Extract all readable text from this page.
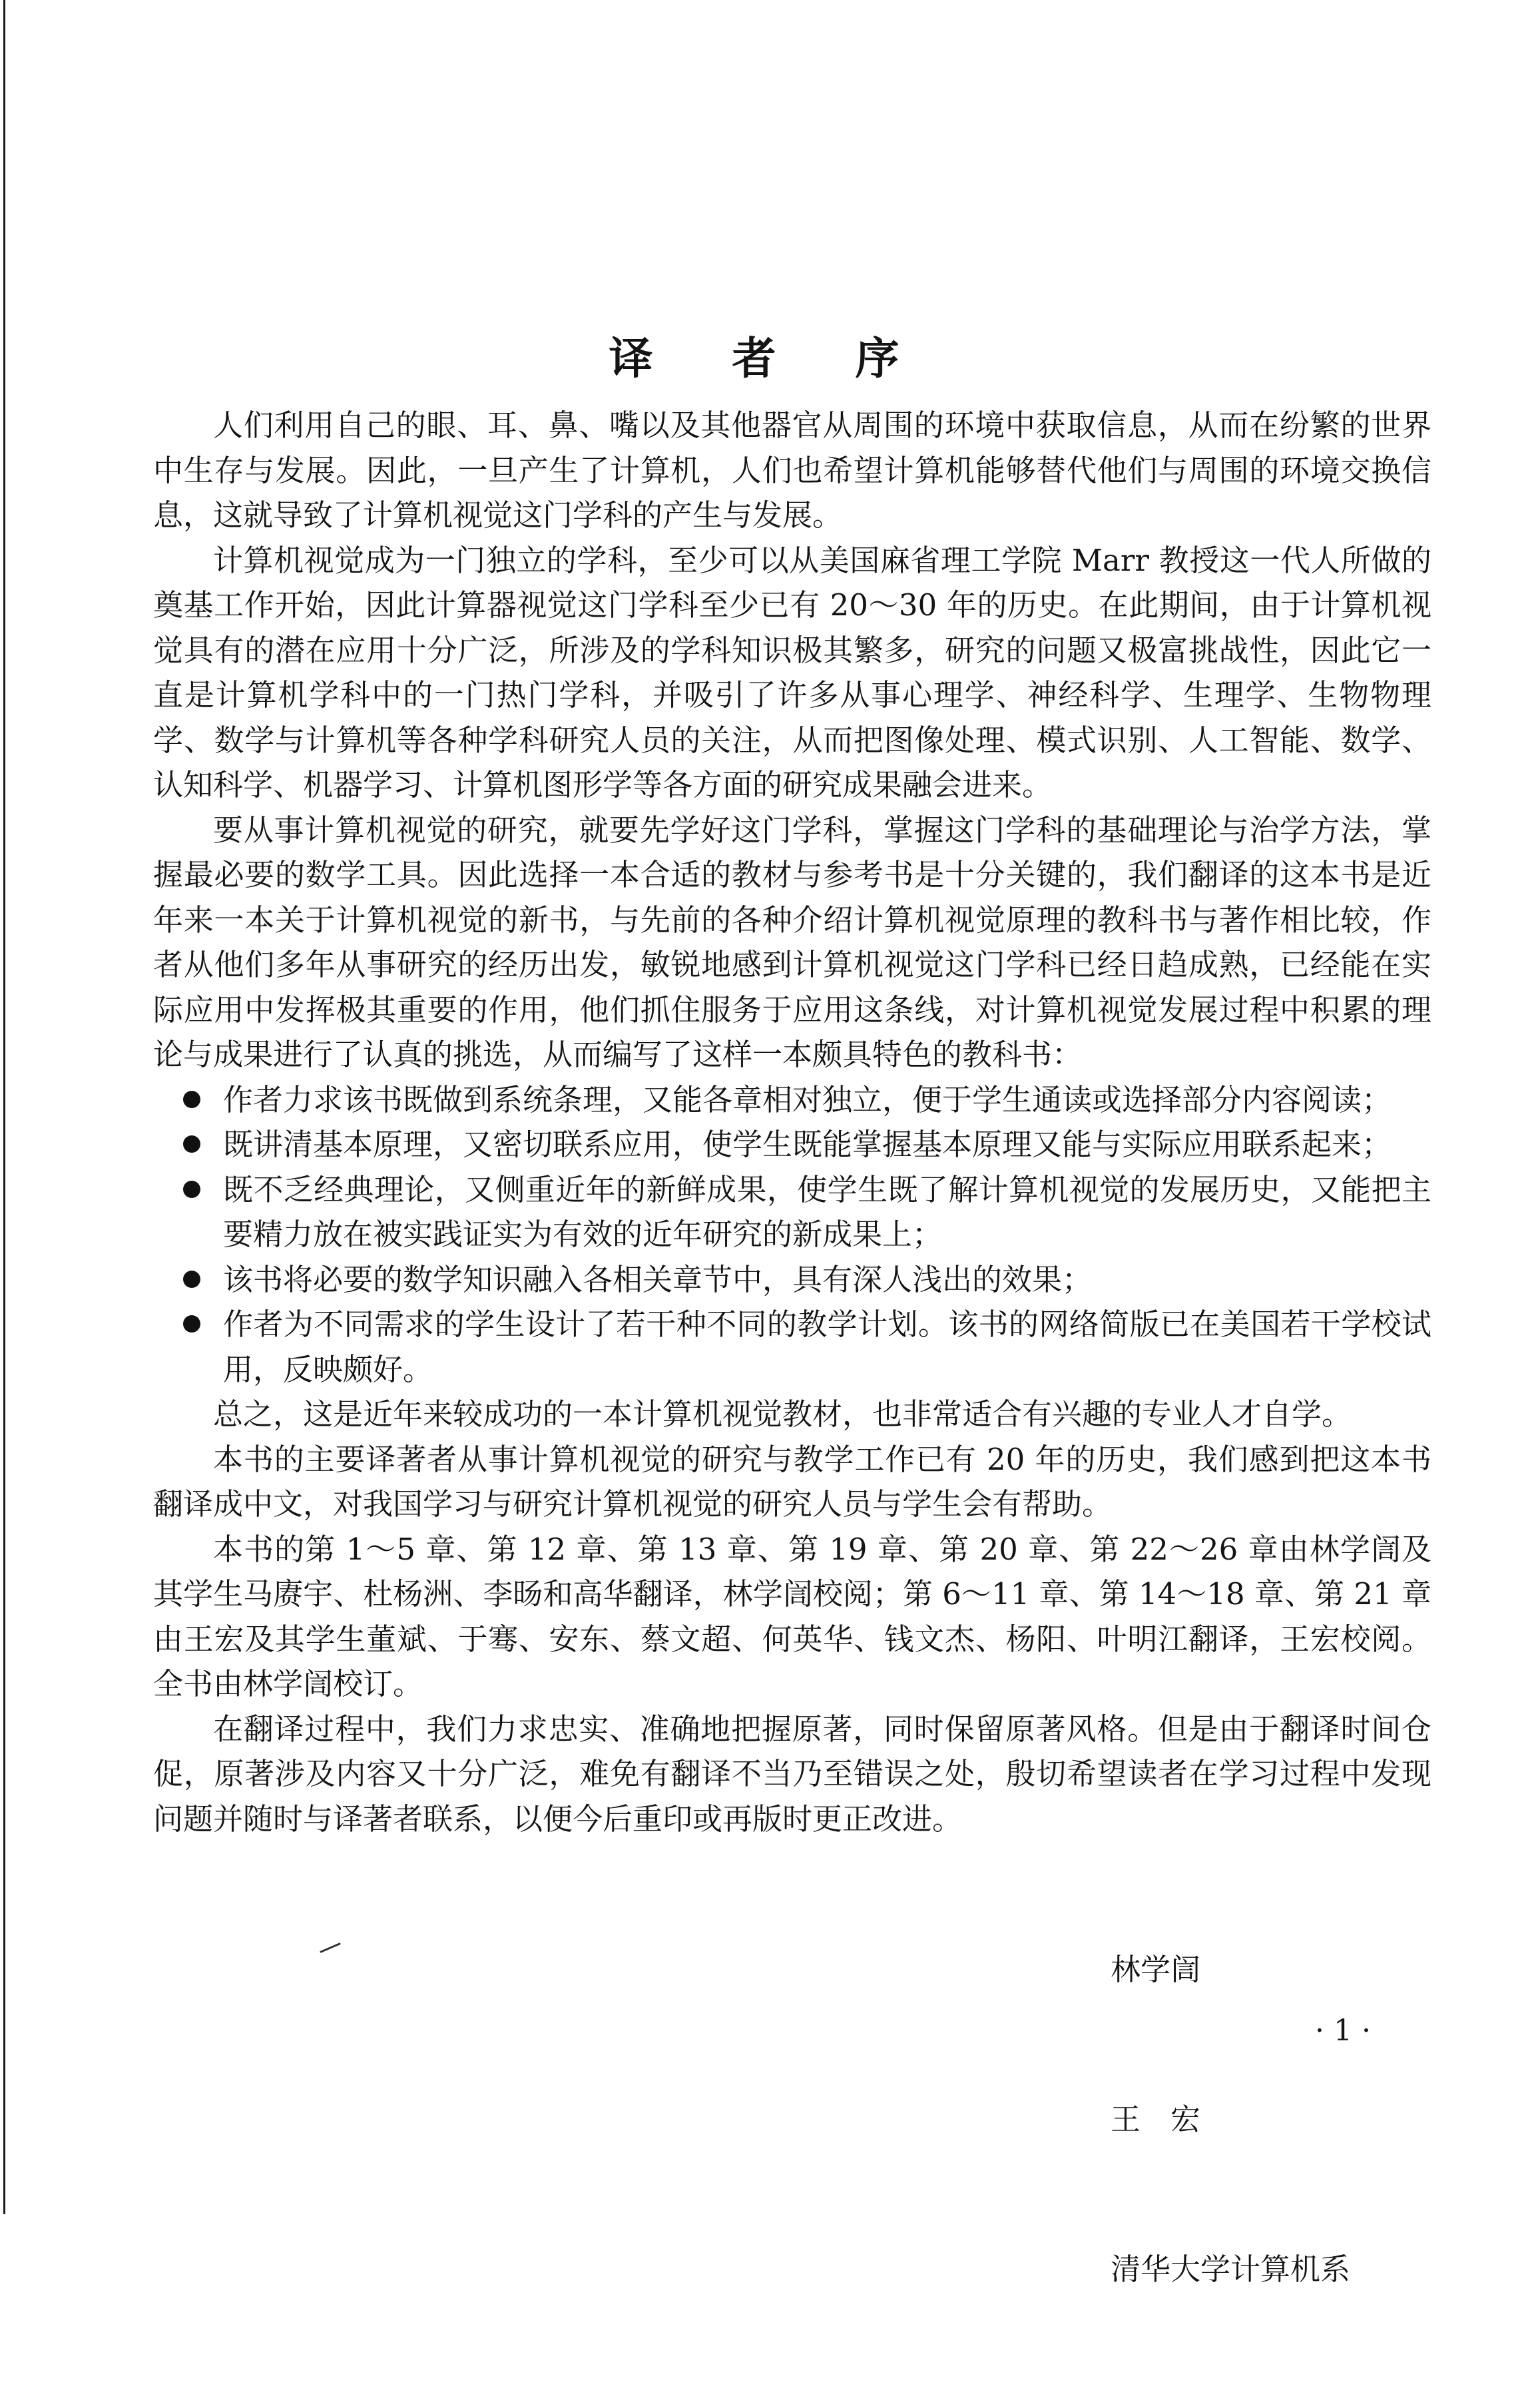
译 者 序

人们利用自己的眼、耳、鼻、嘴以及其他器官从周围的环境中获取信息，从而在纷繁的世界中生存与发展。因此，一旦产生了计算机，人们也希望计算机能够替代他们与周围的环境交换信息，这就导致了计算机视觉这门学科的产生与发展。

计算机视觉成为一门独立的学科，至少可以从美国麻省理工学院 Marr 教授这一代人所做的奠基工作开始，因此计算器视觉这门学科至少已有 20～30 年的历史。在此期间，由于计算机视觉具有的潜在应用十分广泛，所涉及的学科知识极其繁多，研究的问题又极富挑战性，因此它一直是计算机学科中的一门热门学科，并吸引了许多从事心理学、神经科学、生理学、生物物理学、数学与计算机等各种学科研究人员的关注，从而把图像处理、模式识别、人工智能、数学、认知科学、机器学习、计算机图形学等各方面的研究成果融会进来。

要从事计算机视觉的研究，就要先学好这门学科，掌握这门学科的基础理论与治学方法，掌握最必要的数学工具。因此选择一本合适的教材与参考书是十分关键的，我们翻译的这本书是近年来一本关于计算机视觉的新书，与先前的各种介绍计算机视觉原理的教科书与著作相比较，作者从他们多年从事研究的经历出发，敏锐地感到计算机视觉这门学科已经日趋成熟，已经能在实际应用中发挥极其重要的作用，他们抓住服务于应用这条线，对计算机视觉发展过程中积累的理论与成果进行了认真的挑选，从而编写了这样一本颇具特色的教科书：

作者力求该书既做到系统条理，又能各章相对独立，便于学生通读或选择部分内容阅读；
既讲清基本原理，又密切联系应用，使学生既能掌握基本原理又能与实际应用联系起来；
既不乏经典理论，又侧重近年的新鲜成果，使学生既了解计算机视觉的发展历史，又能把主要精力放在被实践证实为有效的近年研究的新成果上；
该书将必要的数学知识融入各相关章节中，具有深人浅出的效果；
作者为不同需求的学生设计了若干种不同的教学计划。该书的网络简版已在美国若干学校试用，反映颇好。

总之，这是近年来较成功的一本计算机视觉教材，也非常适合有兴趣的专业人才自学。

本书的主要译著者从事计算机视觉的研究与教学工作已有 20 年的历史，我们感到把这本书翻译成中文，对我国学习与研究计算机视觉的研究人员与学生会有帮助。

本书的第 1～5 章、第 12 章、第 13 章、第 19 章、第 20 章、第 22～26 章由林学訚及其学生马赓宇、杜杨洲、李旸和高华翻译，林学訚校阅；第 6～11 章、第 14～18 章、第 21 章由王宏及其学生董斌、于骞、安东、蔡文超、何英华、钱文杰、杨阳、叶明江翻译，王宏校阅。全书由林学訚校订。

在翻译过程中，我们力求忠实、准确地把握原著，同时保留原著风格。但是由于翻译时间仓促，原著涉及内容又十分广泛，难免有翻译不当乃至错误之处，殷切希望读者在学习过程中发现问题并随时与译著者联系，以便今后重印或再版时更正改进。

林学訚

王　宏

清华大学计算机系

· 1 ·
